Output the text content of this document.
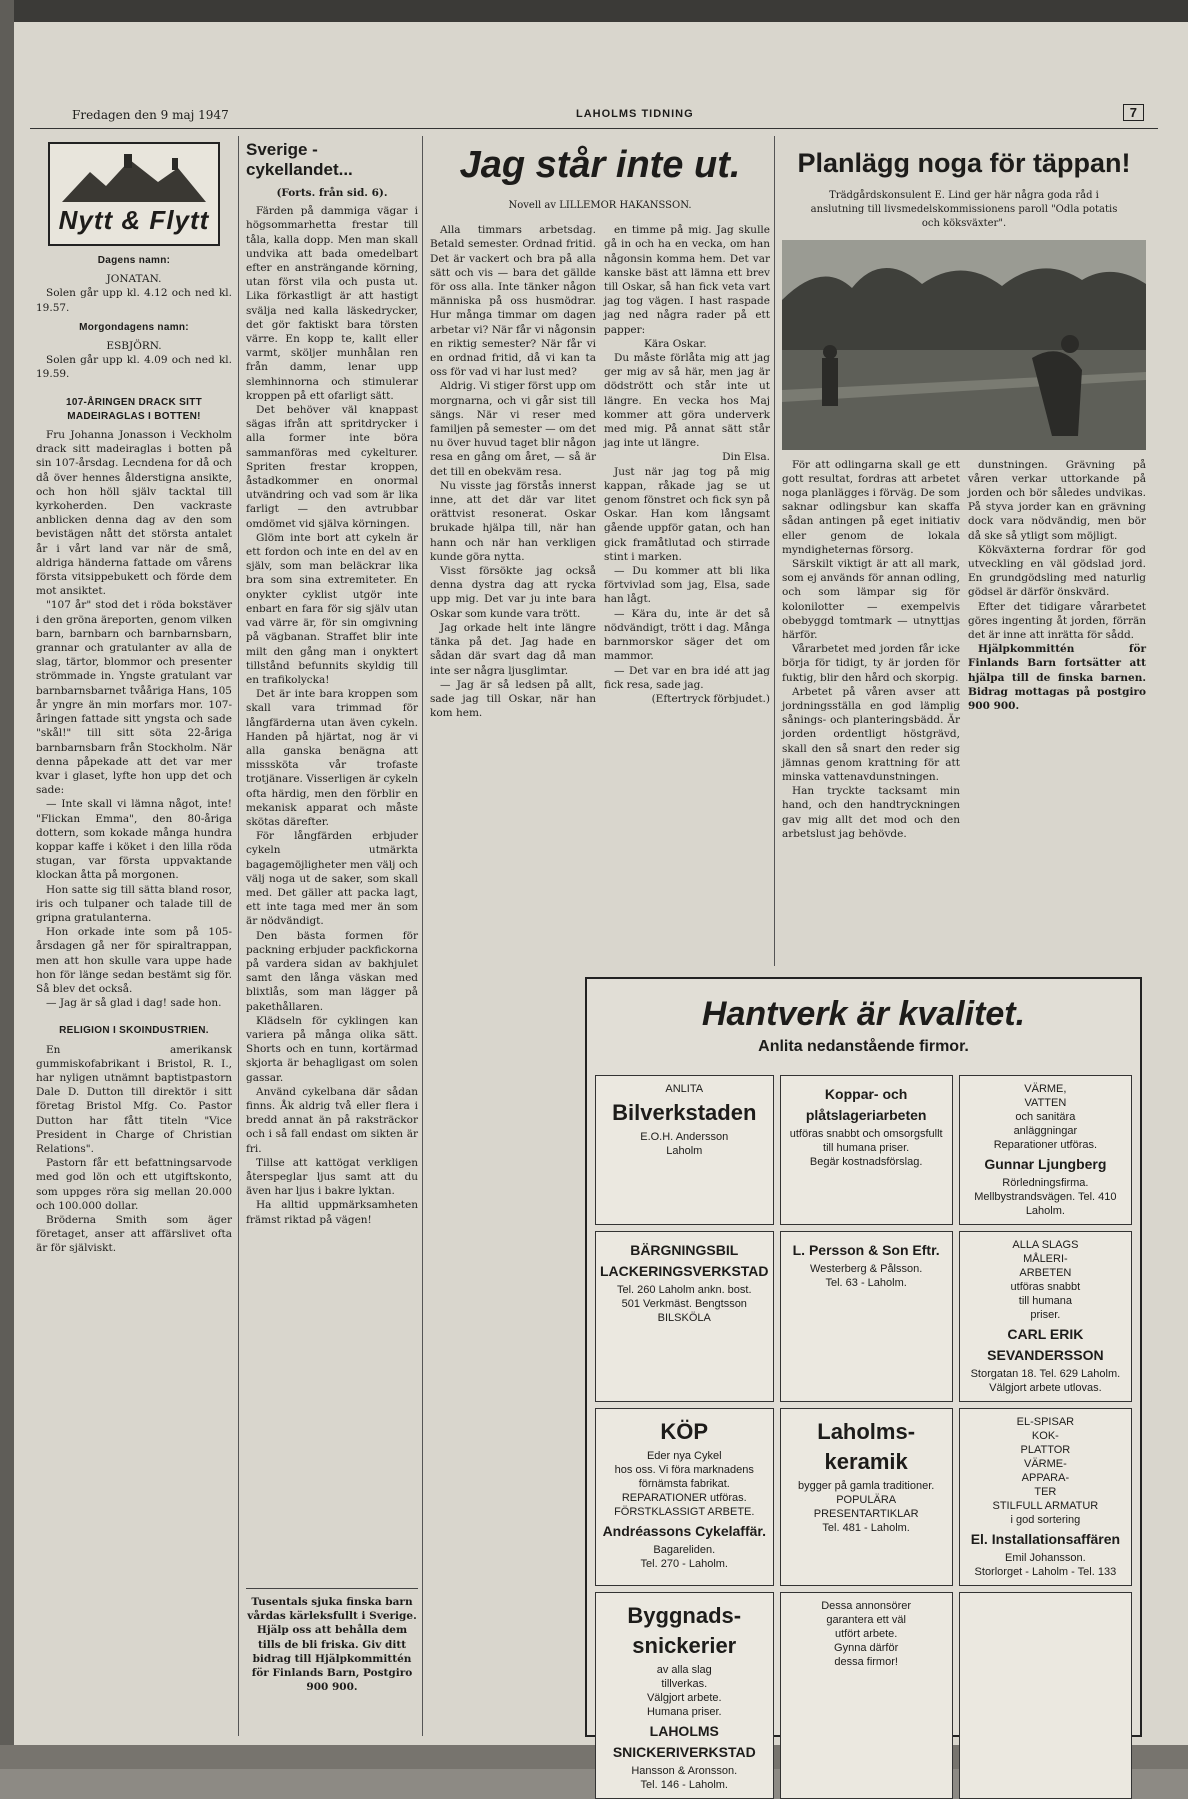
Fredagen den 9 maj 1947	LAHOLMS TIDNING	7
Nytt & Flytt
Dagens namn:
JONATAN.

Solen går upp kl. 4.12 och ned kl. 19.57.

Morgondagens namn:
ESBJÖRN.

Solen går upp kl. 4.09 och ned kl. 19.59.

107-ÅRINGEN DRACK SITT MADEIRAGLAS I BOTTEN!

Fru Johanna Jonasson i Veckholm drack sitt madeiraglas i botten på sin 107-årsdag. Lecndena for då och då över hennes ålderstigna ansikte, och hon höll själv tacktal till kyrkoherden. Den vackraste anblicken denna dag av den som bevistägen nått det största antalet år i vårt land var när de små, aldriga händerna fattade om vårens första vitsippebukett och förde dem mot ansiktet.

"107 år" stod det i röda bokstäver i den gröna äreporten, genom vilken barn, barnbarn och barnbarnsbarn, grannar och gratulanter av alla de slag, tärtor, blommor och presenter strömmade in. Yngste gratulant var barnbarnsbarnet tvååriga Hans, 105 år yngre än min morfars mor. 107-åringen fattade sitt yngsta och sade "skål!" till sitt söta 22-åriga barnbarnsbarn från Stockholm. När denna påpekade att det var mer kvar i glaset, lyfte hon upp det och sade:

— Inte skall vi lämna något, inte! "Flickan Emma", den 80-åriga dottern, som kokade många hundra koppar kaffe i köket i den lilla röda stugan, var första uppvaktande klockan åtta på morgonen.

Hon satte sig till sätta bland rosor, iris och tulpaner och talade till de gripna gratulanterna.

Hon orkade inte som på 105-årsdagen gå ner för spiraltrappan, men att hon skulle vara uppe hade hon för länge sedan bestämt sig för. Så blev det också.

— Jag är så glad i dag! sade hon.

RELIGION I SKOINDUSTRIEN.

En amerikansk gummiskofabrikant i Bristol, R. I., har nyligen utnämnt baptistpastorn Dale D. Dutton till direktör i sitt företag Bristol Mfg. Co. Pastor Dutton har fått titeln "Vice President in Charge of Christian Relations".

Pastorn får ett befattningsarvode med god lön och ett utgiftskonto, som uppges röra sig mellan 20.000 och 100.000 dollar.

Bröderna Smith som äger företaget, anser att affärslivet ofta är för själviskt.

Sverige - cykellandet...
(Forts. från sid. 6).

Färden på dammiga vägar i högsommarhetta frestar till tåla, kalla dopp. Men man skall undvika att bada omedelbart efter en ansträngande körning, utan först vila och pusta ut. Lika förkastligt är att hastigt svälja ned kalla läskedrycker, det gör faktiskt bara törsten värre. En kopp te, kallt eller varmt, sköljer munhålan ren från damm, lenar upp slemhinnorna och stimulerar kroppen på ett ofarligt sätt.

Det behöver väl knappast sägas ifrån att spritdrycker i alla former inte böra sammanföras med cykelturer. Spriten frestar kroppen, åstadkommer en onormal utvändring och vad som är lika farligt — den avtrubbar omdömet vid själva körningen.

Glöm inte bort att cykeln är ett fordon och inte en del av en själv, som man beläckrar lika bra som sina extremiteter. En onykter cyklist utgör inte enbart en fara för sig själv utan vad värre är, för sin omgivning på vägbanan. Straffet blir inte milt den gång man i onyktert tillstånd befunnits skyldig till en trafikolycka!

Det är inte bara kroppen som skall vara trimmad för långfärderna utan även cykeln. Handen på hjärtat, nog är vi alla ganska benägna att misssköta vår trofaste trotjänare. Visserligen är cykeln ofta härdig, men den förblir en mekanisk apparat och måste skötas därefter.

För långfärden erbjuder cykeln utmärkta bagagemöjligheter men välj och välj noga ut de saker, som skall med. Det gäller att packa lagt, ett inte taga med mer än som är nödvändigt.

Den bästa formen för packning erbjuder packfickorna på vardera sidan av bakhjulet samt den långa väskan med blixtlås, som man lägger på pakethållaren.

Klädseln för cyklingen kan variera på många olika sätt. Shorts och en tunn, kortärmad skjorta är behagligast om solen gassar.

Använd cykelbana där sådan finns. Åk aldrig två eller flera i bredd annat än på raksträckor och i så fall endast om sikten är fri.

Tillse att kattögat verkligen återspeglar ljus samt att du även har ljus i bakre lyktan.

Ha alltid uppmärksamheten främst riktad på vägen!

Tusentals sjuka finska barn vårdas kärleksfullt i Sverige. Hjälp oss att behålla dem tills de bli friska. Giv ditt bidrag till Hjälpkommittén för Finlands Barn, Postgiro 900 900.
Jag står inte ut.
Novell av LILLEMOR HAKANSSON.

Alla timmars arbetsdag. Betald semester. Ordnad fritid. Det är vackert och bra på alla sätt och vis — bara det gällde för oss alla. Inte tänker någon människa på oss husmödrar. Hur många timmar om dagen arbetar vi? När får vi någonsin en riktig semester? När får vi en ordnad fritid, då vi kan ta oss för vad vi har lust med?

Aldrig. Vi stiger först upp om morgnarna, och vi går sist till sängs. När vi reser med familjen på semester — om det nu över huvud taget blir någon resa en gång om året, — så är det till en obekväm resa.

Nu visste jag förstås innerst inne, att det där var litet orättvist resonerat. Oskar brukade hjälpa till, när han hann och när han verkligen kunde göra nytta.

Visst försökte jag också denna dystra dag att rycka upp mig. Det var ju inte bara Oskar som kunde vara trött.

Jag orkade helt inte längre tänka på det. Jag hade en sådan där svart dag då man inte ser några ljusglimtar.

— Jag är så ledsen på allt, sade jag till Oskar, när han kom hem.

en timme på mig. Jag skulle gå in och ha en vecka, om han någonsin komma hem. Det var kanske bäst att lämna ett brev till Oskar, så han fick veta vart jag tog vägen. I hast raspade jag ned några rader på ett papper:

Kära Oskar.

Du måste förlåta mig att jag ger mig av så här, men jag är dödstrött och står inte ut längre. En vecka hos Maj kommer att göra underverk med mig. På annat sätt står jag inte ut längre.

Din Elsa.

Just när jag tog på mig kappan, råkade jag se ut genom fönstret och fick syn på Oskar. Han kom långsamt gående uppför gatan, och han gick framåtlutad och stirrade stint i marken.

— Du kommer att bli lika förtvivlad som jag, Elsa, sade han lågt.

— Kära du, inte är det så nödvändigt, trött i dag. Många barnmorskor säger det om mammor.

— Det var en bra idé att jag fick resa, sade jag.

(Eftertryck förbjudet.)

Planlägg noga för täppan!
Trädgårdskonsulent E. Lind ger här några goda råd i anslutning till livsmedelskommissionens paroll "Odla potatis och köksväxter".

För att odlingarna skall ge ett gott resultat, fordras att arbetet noga planlägges i förväg. De som saknar odlingsbur kan skaffa sådan antingen på eget initiativ eller genom de lokala myndigheternas försorg.

Särskilt viktigt är att all mark, som ej används för annan odling, och som lämpar sig för kolonilotter — exempelvis obebyggd tomtmark — utnyttjas härför.

Vårarbetet med jorden får icke börja för tidigt, ty är jorden för fuktig, blir den hård och skorpig.

Arbetet på våren avser att jordningsställa en god lämplig sånings- och planteringsbädd. Är jorden ordentligt höstgrävd, skall den så snart den reder sig jämnas genom krattning för att minska vattenavdunstningen.

Han tryckte tacksamt min hand, och den handtryckningen gav mig allt det mod och den arbetslust jag behövde.

dunstningen. Grävning på våren verkar uttorkande på jorden och bör således undvikas. På styva jorder kan en grävning dock vara nödvändig, men bör då ske så ytligt som möjligt.

Kökväxterna fordrar för god utveckling en väl gödslad jord. En grundgödsling med naturlig gödsel är därför önskvärd.

Efter det tidigare vårarbetet göres ingenting åt jorden, förrän det är inne att inrätta för sådd.

Hjälpkommittén för Finlands Barn fortsätter att hjälpa till de finska barnen. Bidrag mottagas på postgiro 900 900.

Hantverk är kvalitet.
Anlita nedanstående firmor.
ANLITA
Bilverkstaden
E.O.H. Andersson
Laholm
Koppar- och
plåtslageriarbeten
utföras snabbt och omsorgsfullt till humana priser.
Begär kostnadsförslag.
VÄRME,
VATTEN
och sanitära
anläggningar
Reparationer utföras.
Gunnar Ljungberg
Rörledningsfirma.
Mellbystrandsvägen. Tel. 410
Laholm.
BÄRGNINGSBIL
LACKERINGSVERKSTAD
Tel. 260 Laholm ankn. bost.
501 Verkmäst. Bengtsson
BILSKÖLA
L. Persson & Son Eftr.
Westerberg & Pålsson.
Tel. 63 - Laholm.
ALLA SLAGS
MÅLERI-
ARBETEN
utföras snabbt
till humana
priser.
CARL ERIK
SEVANDERSSON
Storgatan 18. Tel. 629 Laholm.
Välgjort arbete utlovas.
KÖP
Eder nya Cykel
hos oss. Vi föra marknadens förnämsta fabrikat.
REPARATIONER utföras.
FÖRSTKLASSIGT ARBETE.
Andréassons Cykelaffär.
Bagareliden.
Tel. 270 - Laholm.
Laholms-
keramik
bygger på gamla traditioner.
POPULÄRA
PRESENTARTIKLAR
Tel. 481 - Laholm.
EL-SPISAR
KOK-
PLATTOR
VÄRME-
APPARA-
TER
STILFULL ARMATUR
i god sortering
El. Installationsaffären
Emil Johansson.
Storlorget - Laholm - Tel. 133
Byggnads-
snickerier
av alla slag
tillverkas.
Välgjort arbete.
Humana priser.
LAHOLMS
SNICKERIVERKSTAD
Hansson & Aronsson.
Tel. 146 - Laholm.
Dessa annonsörer
garantera ett väl
utfört arbete.
Gynna därför
dessa firmor!
